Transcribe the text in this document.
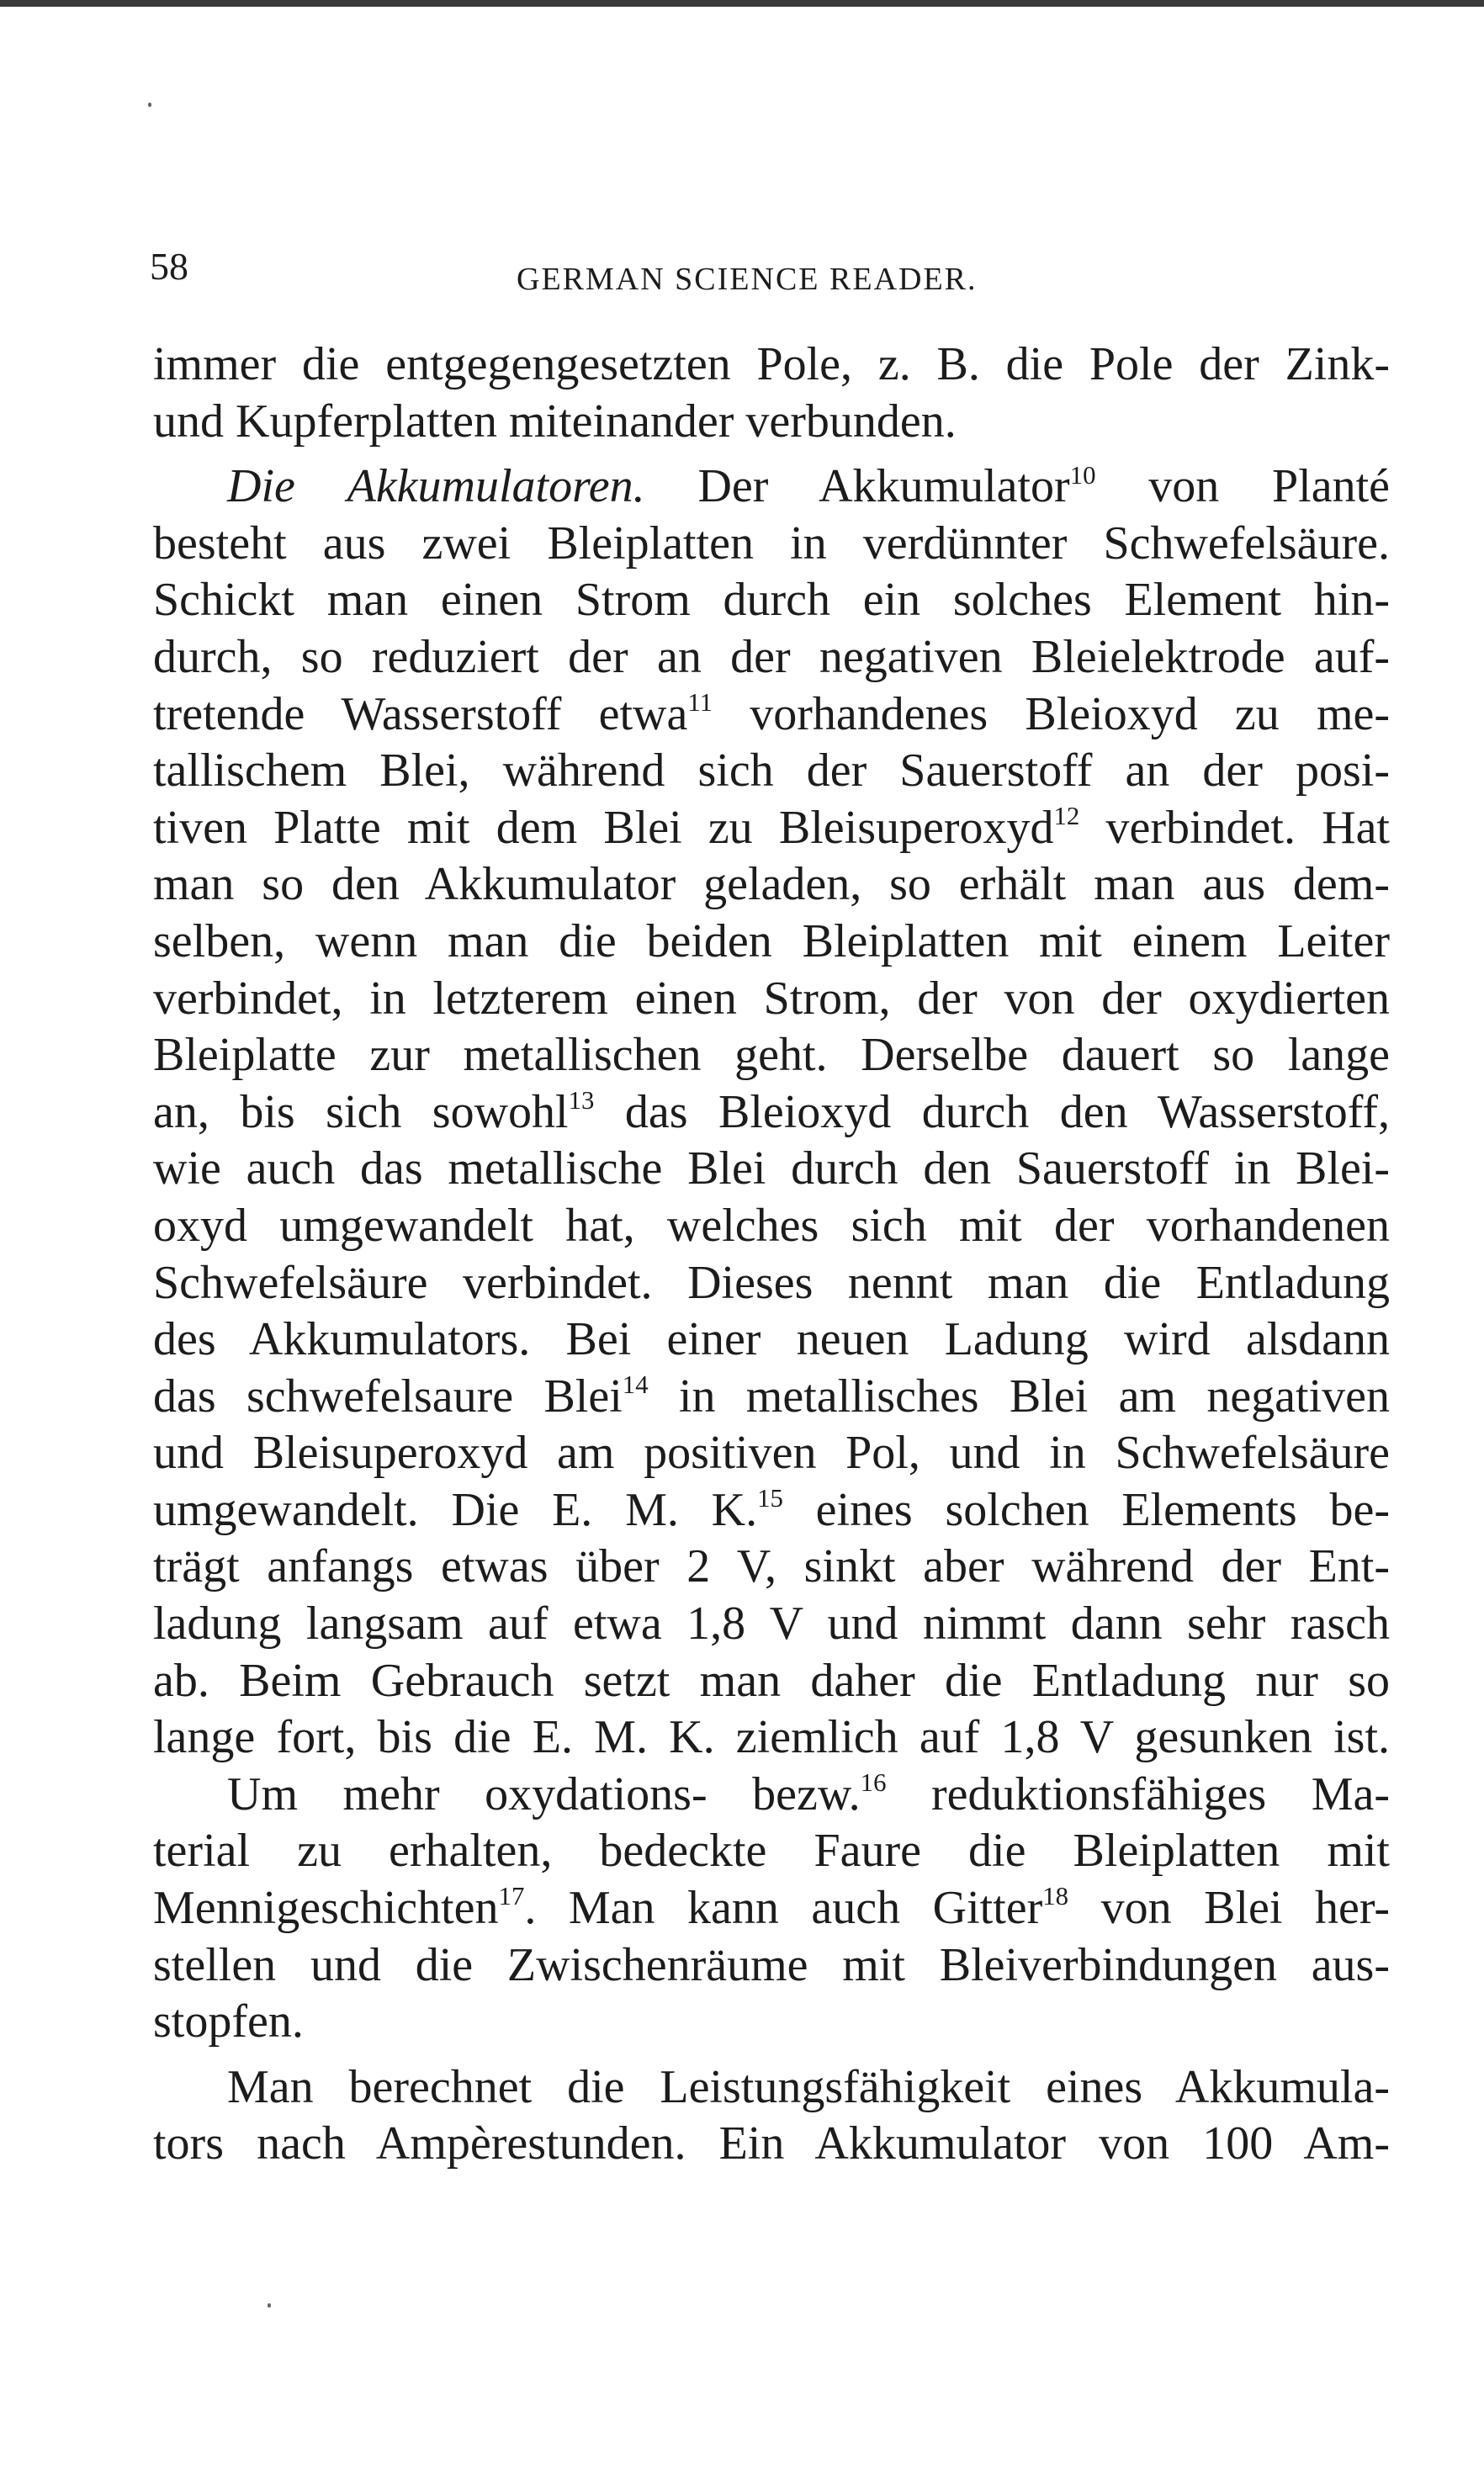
58	GERMAN SCIENCE READER.
immer die entgegengesetzten Pole, z. B. die Pole der Zink-
und Kupferplatten miteinander verbunden.
Die Akkumulatoren. Der Akkumulator$^{10}$ von Planté
besteht aus zwei Bleiplatten in verdünnter Schwefelsäure.
Schickt man einen Strom durch ein solches Element hin-
durch, so reduziert der an der negativen Bleielektrode auf-
tretende Wasserstoff etwa$^{11}$ vorhandenes Bleioxyd zu me-
tallischem Blei, während sich der Sauerstoff an der posi-
tiven Platte mit dem Blei zu Bleisuperoxyd$^{12}$ verbindet. Hat
man so den Akkumulator geladen, so erhält man aus dem-
selben, wenn man die beiden Bleiplatten mit einem Leiter
verbindet, in letzterem einen Strom, der von der oxydierten
Bleiplatte zur metallischen geht. Derselbe dauert so lange
an, bis sich sowohl$^{13}$ das Bleioxyd durch den Wasserstoff,
wie auch das metallische Blei durch den Sauerstoff in Blei-
oxyd umgewandelt hat, welches sich mit der vorhandenen
Schwefelsäure verbindet. Dieses nennt man die Entladung
des Akkumulators. Bei einer neuen Ladung wird alsdann
das schwefelsaure Blei$^{14}$ in metallisches Blei am negativen
und Bleisuperoxyd am positiven Pol, und in Schwefelsäure
umgewandelt. Die E. M. K.$^{15}$ eines solchen Elements be-
trägt anfangs etwas über 2 V, sinkt aber während der Ent-
ladung langsam auf etwa 1,8 V und nimmt dann sehr rasch
ab. Beim Gebrauch setzt man daher die Entladung nur so
lange fort, bis die E. M. K. ziemlich auf 1,8 V gesunken ist.
Um mehr oxydations- bezw.$^{16}$ reduktionsfähiges Ma-
terial zu erhalten, bedeckte Faure die Bleiplatten mit
Mennigeschichten$^{17}$. Man kann auch Gitter$^{18}$ von Blei her-
stellen und die Zwischenräume mit Bleiverbindungen aus-
stopfen.
Man berechnet die Leistungsfähigkeit eines Akkumula-
tors nach Ampèrestunden. Ein Akkumulator von 100 Am-
